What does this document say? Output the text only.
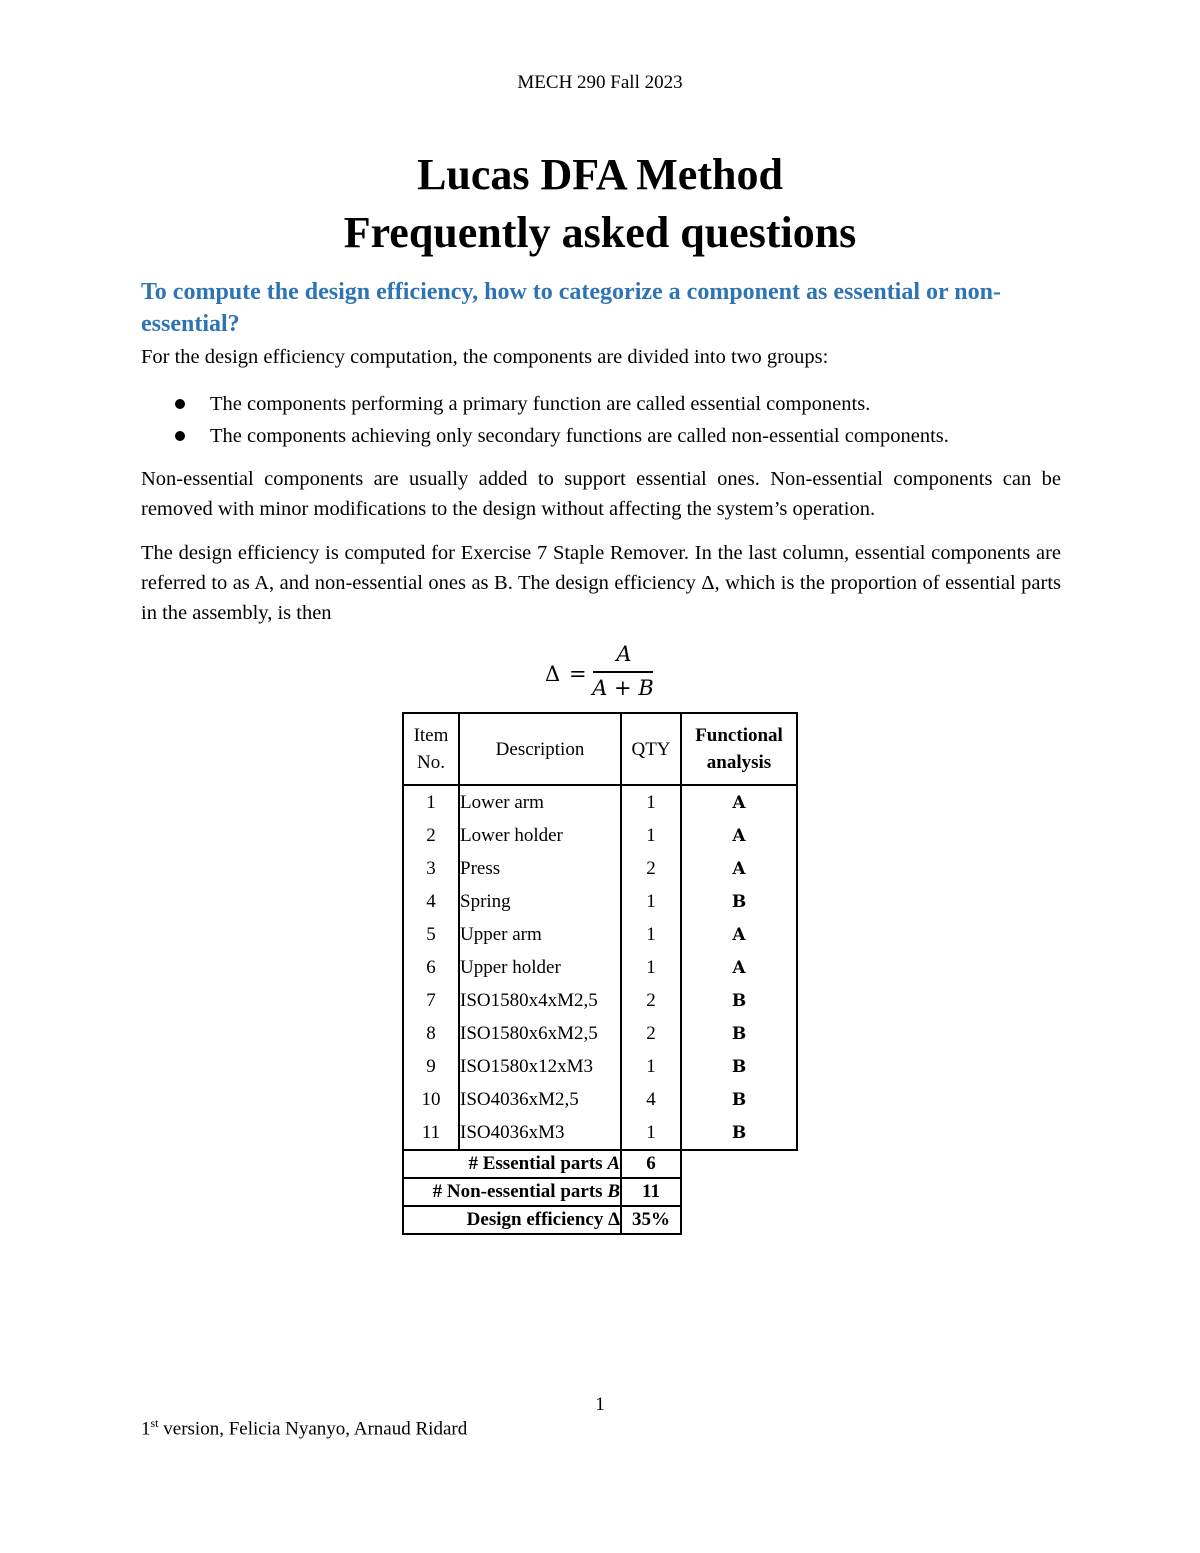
MECH 290 Fall 2023
Lucas DFA Method
Frequently asked questions
To compute the design efficiency, how to categorize a component as essential or non-essential?
For the design efficiency computation, the components are divided into two groups:
The components performing a primary function are called essential components.
The components achieving only secondary functions are called non-essential components.
Non-essential components are usually added to support essential ones. Non-essential components can be removed with minor modifications to the design without affecting the system’s operation.
The design efficiency is computed for Exercise 7 Staple Remover. In the last column, essential components are referred to as A, and non-essential ones as B. The design efficiency Δ, which is the proportion of essential parts in the assembly, is then
Δ =
A
A + B
Item
No.	Description	QTY	Functional
analysis
1	Lower arm	1	A
2	Lower holder	1	A
3	Press	2	A
4	Spring	1	B
5	Upper arm	1	A
6	Upper holder	1	A
7	ISO1580x4xM2,5	2	B
8	ISO1580x6xM2,5	2	B
9	ISO1580x12xM3	1	B
10	ISO4036xM2,5	4	B
11	ISO4036xM3	1	B
# Essential parts A		6	
# Non-essential parts B		11	
Design efficiency Δ		35%	
1
1st version, Felicia Nyanyo, Arnaud Ridard
